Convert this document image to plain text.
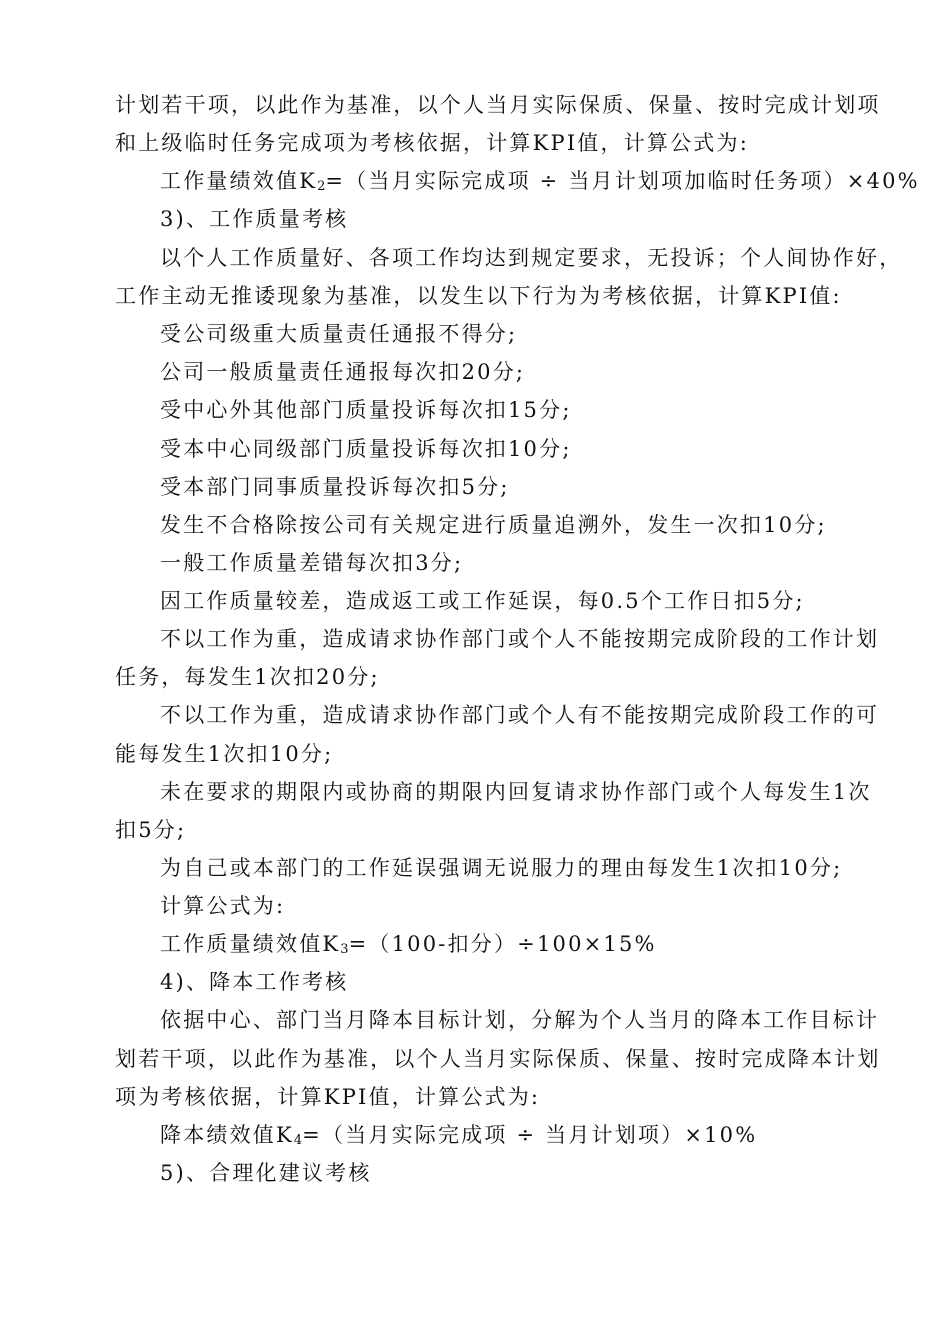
计划若干项，以此作为基准，以个人当月实际保质、保量、按时完成计划项
和上级临时任务完成项为考核依据，计算KPI值，计算公式为:
工作量绩效值K2=（当月实际完成项 ÷ 当月计划项加临时任务项）×40%
3)、工作质量考核
以个人工作质量好、各项工作均达到规定要求，无投诉；个人间协作好，
工作主动无推诿现象为基准，以发生以下行为为考核依据，计算KPI值:
受公司级重大质量责任通报不得分;
公司一般质量责任通报每次扣20分;
受中心外其他部门质量投诉每次扣15分;
受本中心同级部门质量投诉每次扣10分;
受本部门同事质量投诉每次扣5分;
发生不合格除按公司有关规定进行质量追溯外，发生一次扣10分;
一般工作质量差错每次扣3分;
因工作质量较差，造成返工或工作延误，每0.5个工作日扣5分;
不以工作为重，造成请求协作部门或个人不能按期完成阶段的工作计划
任务，每发生1次扣20分;
不以工作为重，造成请求协作部门或个人有不能按期完成阶段工作的可
能每发生1次扣10分;
未在要求的期限内或协商的期限内回复请求协作部门或个人每发生1次
扣5分;
为自己或本部门的工作延误强调无说服力的理由每发生1次扣10分;
计算公式为:
工作质量绩效值K3=（100-扣分）÷100×15%
4)、降本工作考核
依据中心、部门当月降本目标计划，分解为个人当月的降本工作目标计
划若干项，以此作为基准，以个人当月实际保质、保量、按时完成降本计划
项为考核依据，计算KPI值，计算公式为:
降本绩效值K4=（当月实际完成项 ÷ 当月计划项）×10%
5)、合理化建议考核
